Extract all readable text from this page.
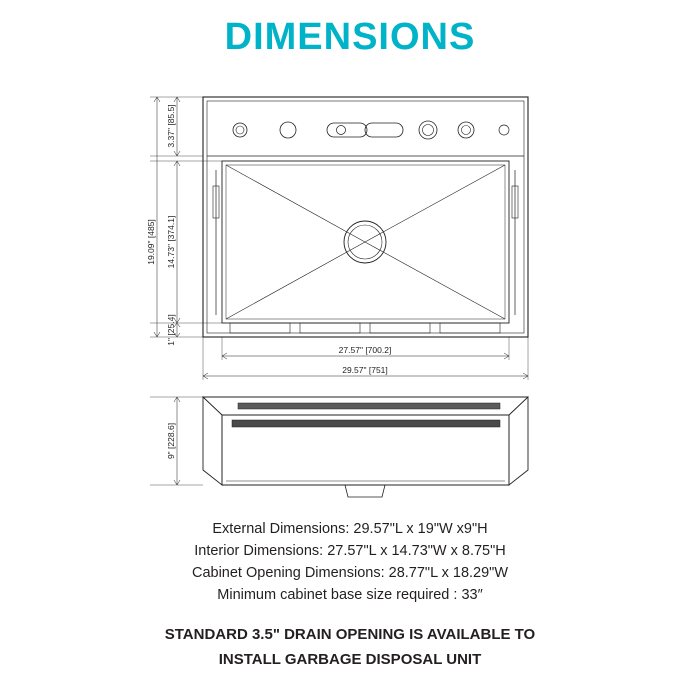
DIMENSIONS
3.37" [85.5]
14.73" [374.1]
1" [25.4]
19.09" [485]
27.57" [700.2]
29.57" [751]
9" [228.6]
External Dimensions: 29.57"L x 19"W x9"H
Interior Dimensions: 27.57"L x 14.73"W x 8.75"H
Cabinet Opening Dimensions: 28.77"L x 18.29"W
Minimum cabinet base size required : 33″
STANDARD 3.5" DRAIN OPENING IS AVAILABLE TO
INSTALL GARBAGE DISPOSAL UNIT
